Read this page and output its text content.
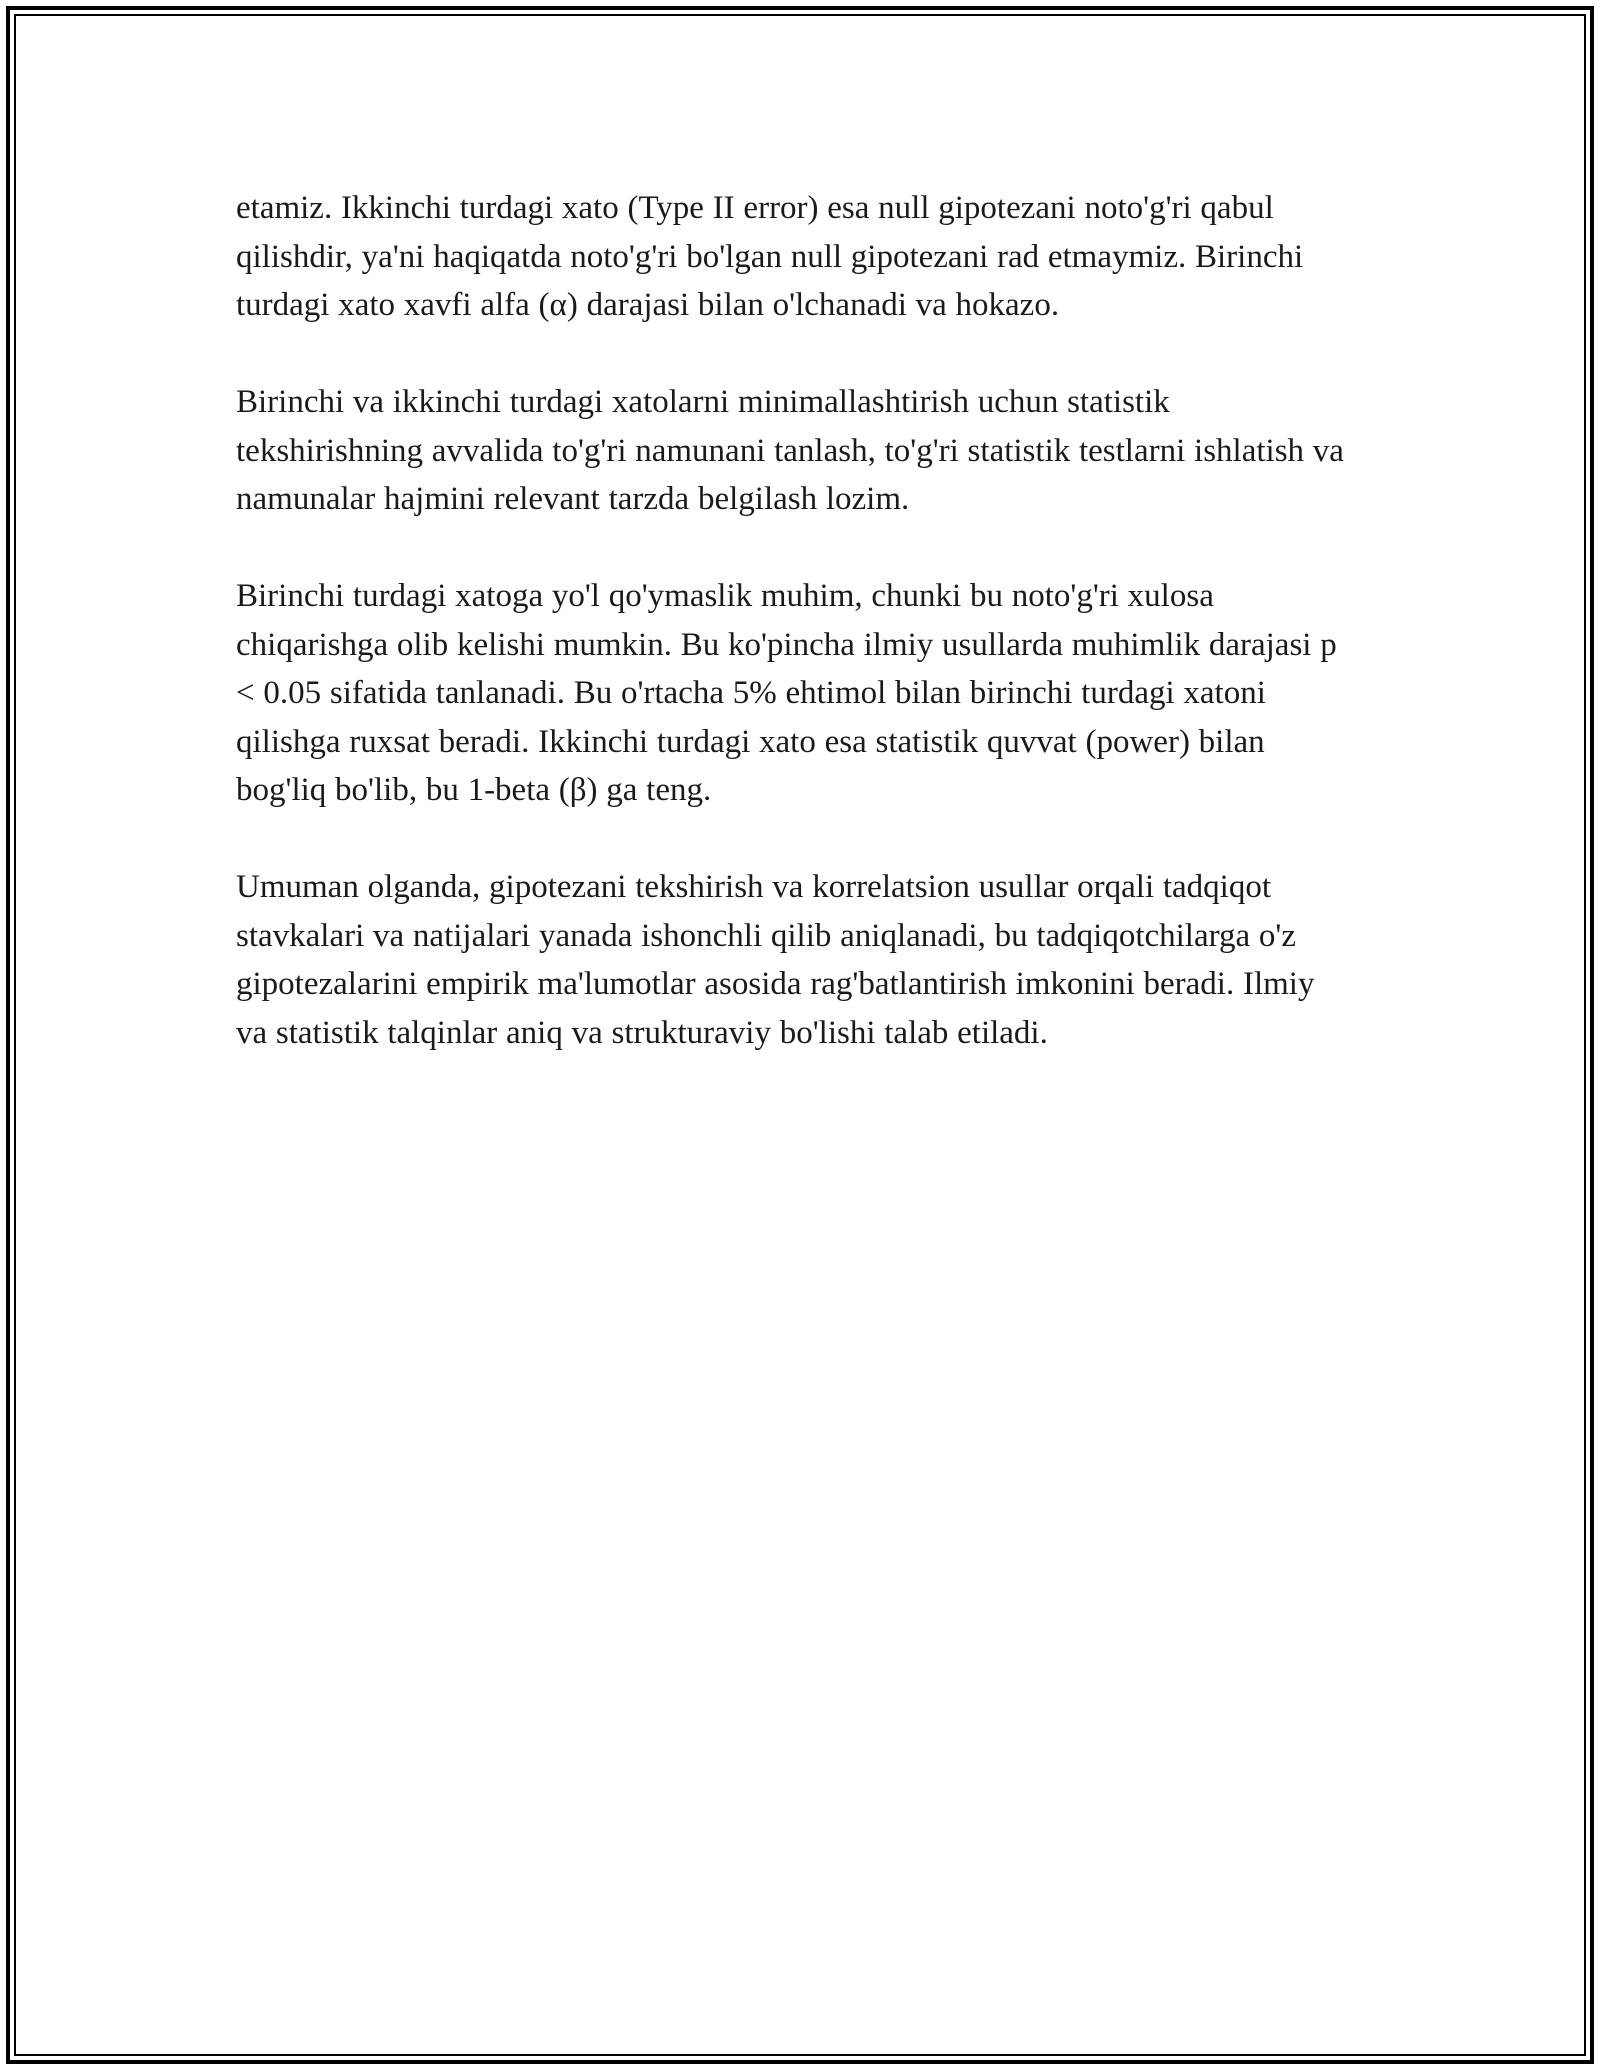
etamiz. Ikkinchi turdagi xato (Type II error) esa null gipotezani noto'g'ri qabul qilishdir, ya'ni haqiqatda noto'g'ri bo'lgan null gipotezani rad etmaymiz. Birinchi turdagi xato xavfi alfa (α) darajasi bilan o'lchanadi va hokazo.

Birinchi va ikkinchi turdagi xatolarni minimallashtirish uchun statistik tekshirishning avvalida to'g'ri namunani tanlash, to'g'ri statistik testlarni ishlatish va namunalar hajmini relevant tarzda belgilash lozim.

Birinchi turdagi xatoga yo'l qo'ymaslik muhim, chunki bu noto'g'ri xulosa chiqarishga olib kelishi mumkin. Bu ko'pincha ilmiy usullarda muhimlik darajasi p < 0.05 sifatida tanlanadi. Bu o'rtacha 5% ehtimol bilan birinchi turdagi xatoni qilishga ruxsat beradi. Ikkinchi turdagi xato esa statistik quvvat (power) bilan bog'liq bo'lib, bu 1-beta (β) ga teng.

Umuman olganda, gipotezani tekshirish va korrelatsion usullar orqali tadqiqot stavkalari va natijalari yanada ishonchli qilib aniqlanadi, bu tadqiqotchilarga o'z gipotezalarini empirik ma'lumotlar asosida rag'batlantirish imkonini beradi. Ilmiy va statistik talqinlar aniq va strukturaviy bo'lishi talab etiladi.
